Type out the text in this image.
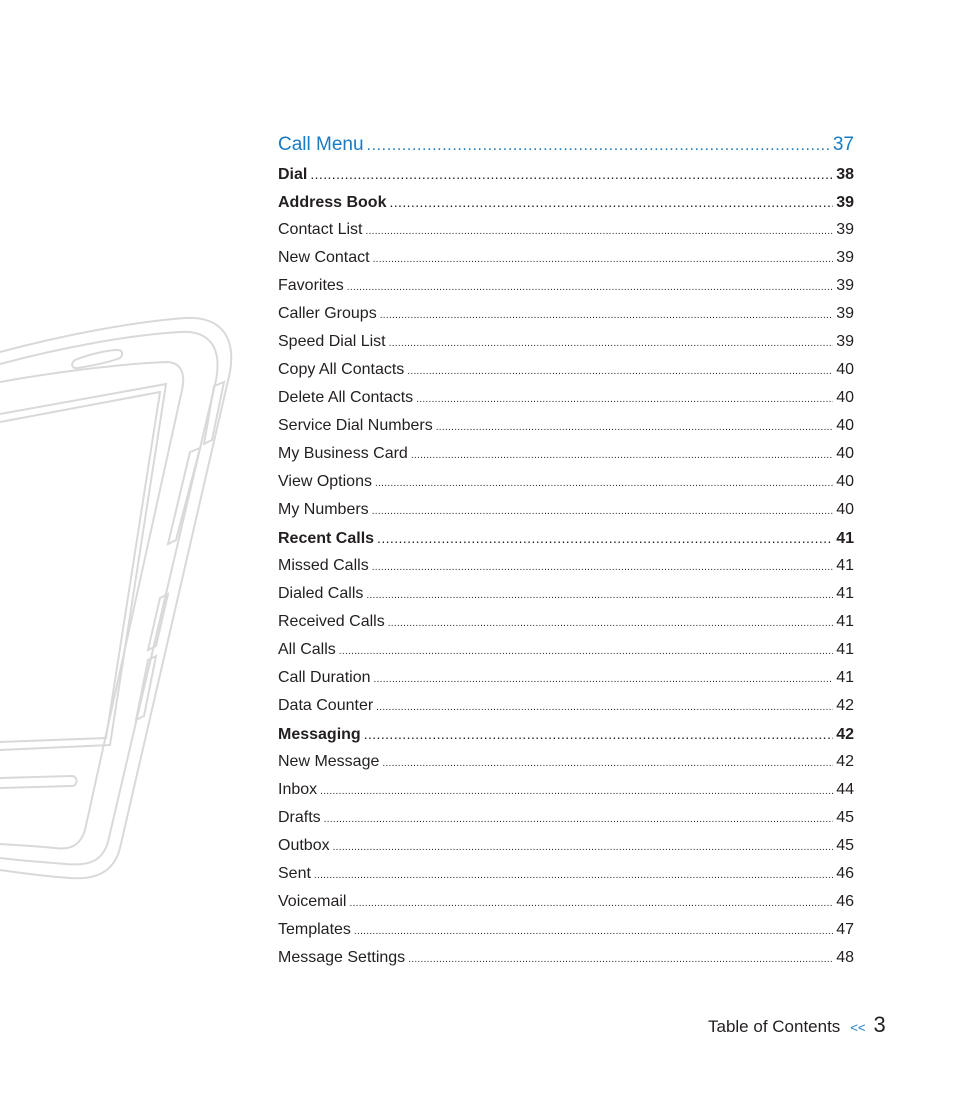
Call Menu .....	37
Dial .....	38
Address Book .....	39
Contact List .....	39
New Contact .....	39
Favorites .....	39
Caller Groups .....	39
Speed Dial List .....	39
Copy All Contacts .....	40
Delete All Contacts .....	40
Service Dial Numbers .....	40
My Business Card .....	40
View Options .....	40
My Numbers .....	40
Recent Calls .....	41
Missed Calls .....	41
Dialed Calls .....	41
Received Calls .....	41
All Calls .....	41
Call Duration .....	41
Data Counter .....	42
Messaging .....	42
New Message .....	42
Inbox .....	44
Drafts .....	45
Outbox .....	45
Sent .....	46
Voicemail .....	46
Templates .....	47
Message Settings .....	48
Table of Contents << 3
